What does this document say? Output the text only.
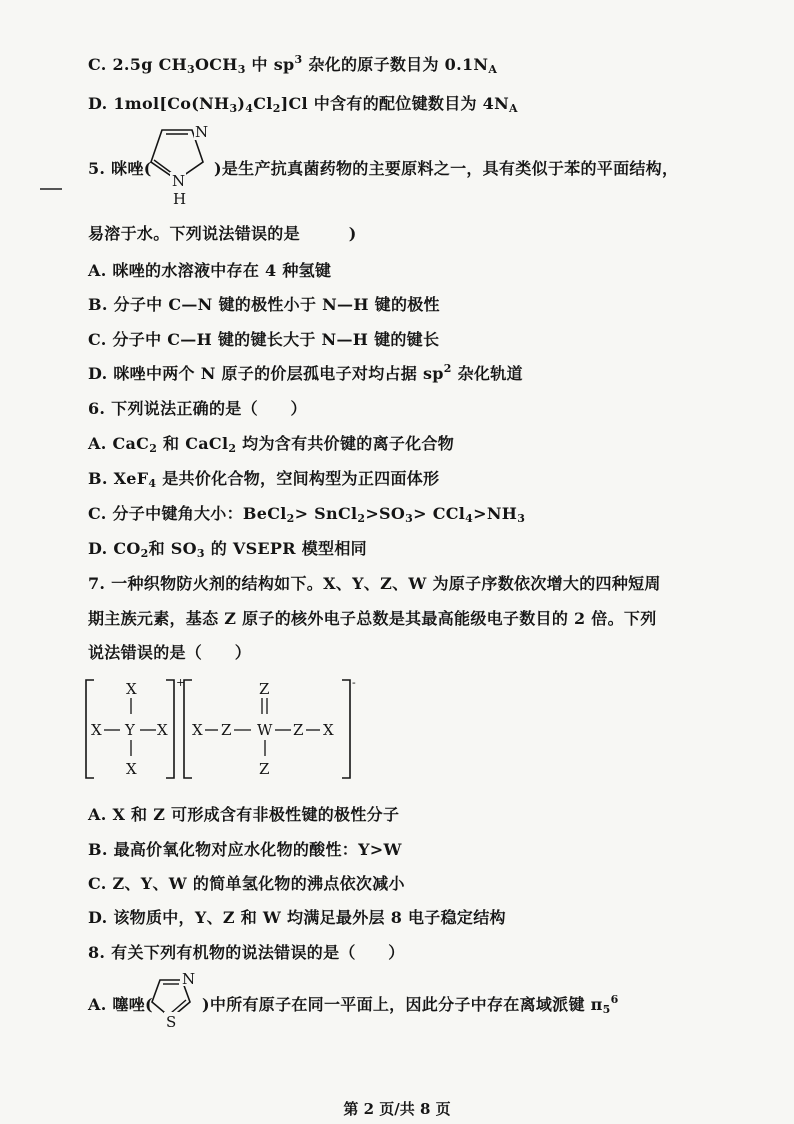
C. 2.5g $CH_3OCH_3$ 中 $sp^3$ 杂化的原子数目为 $0.1N_A$
D. $1mol[Co(NH_3)_4Cl_2]Cl$ 中含有的配位键数目为 $4N_A$
5. 咪唑(
N
N
H
)是生产抗真菌药物的主要原料之一，具有类似于苯的平面结构，
易溶于水。下列说法错误的是　　　)
A. 咪唑的水溶液中存在 4 种氢键
B. 分子中 C—N 键的极性小于 N—H 键的极性
C. 分子中 C—H 键的键长大于 N—H 键的键长
D. 咪唑中两个 N 原子的价层孤电子对均占据 $sp^2$ 杂化轨道
6. 下列说法正确的是（　　）
A. CaC$_2$ 和 CaCl$_2$ 均为含有共价键的离子化合物
B. XeF$_4$ 是共价化合物，空间构型为正四面体形
C. 分子中键角大小：BeCl$_2$> $SnCl_2>SO_3> CCl_4>NH_3$
D. $CO_2$和 $SO_3$ 的 VSEPR 模型相同
7. 一种织物防火剂的结构如下。X、Y、Z、W 为原子序数依次增大的四种短周
期主族元素，基态 Z 原子的核外电子总数是其最高能级电子数目的 2 倍。下列
说法错误的是（　　）
+
X
X Y X
X
-
Z
X Z W Z X
Z
A. X 和 Z 可形成含有非极性键的极性分子
B. 最高价氧化物对应水化物的酸性：Y>W
C. Z、Y、W 的简单氢化物的沸点依次减小
D. 该物质中，Y、Z 和 W 均满足最外层 8 电子稳定结构
8. 有关下列有机物的说法错误的是（　　）
A. 噻唑(
N
S
)中所有原子在同一平面上，因此分子中存在离域派键 $\pi_5^6$
第 2 页/共 8 页
